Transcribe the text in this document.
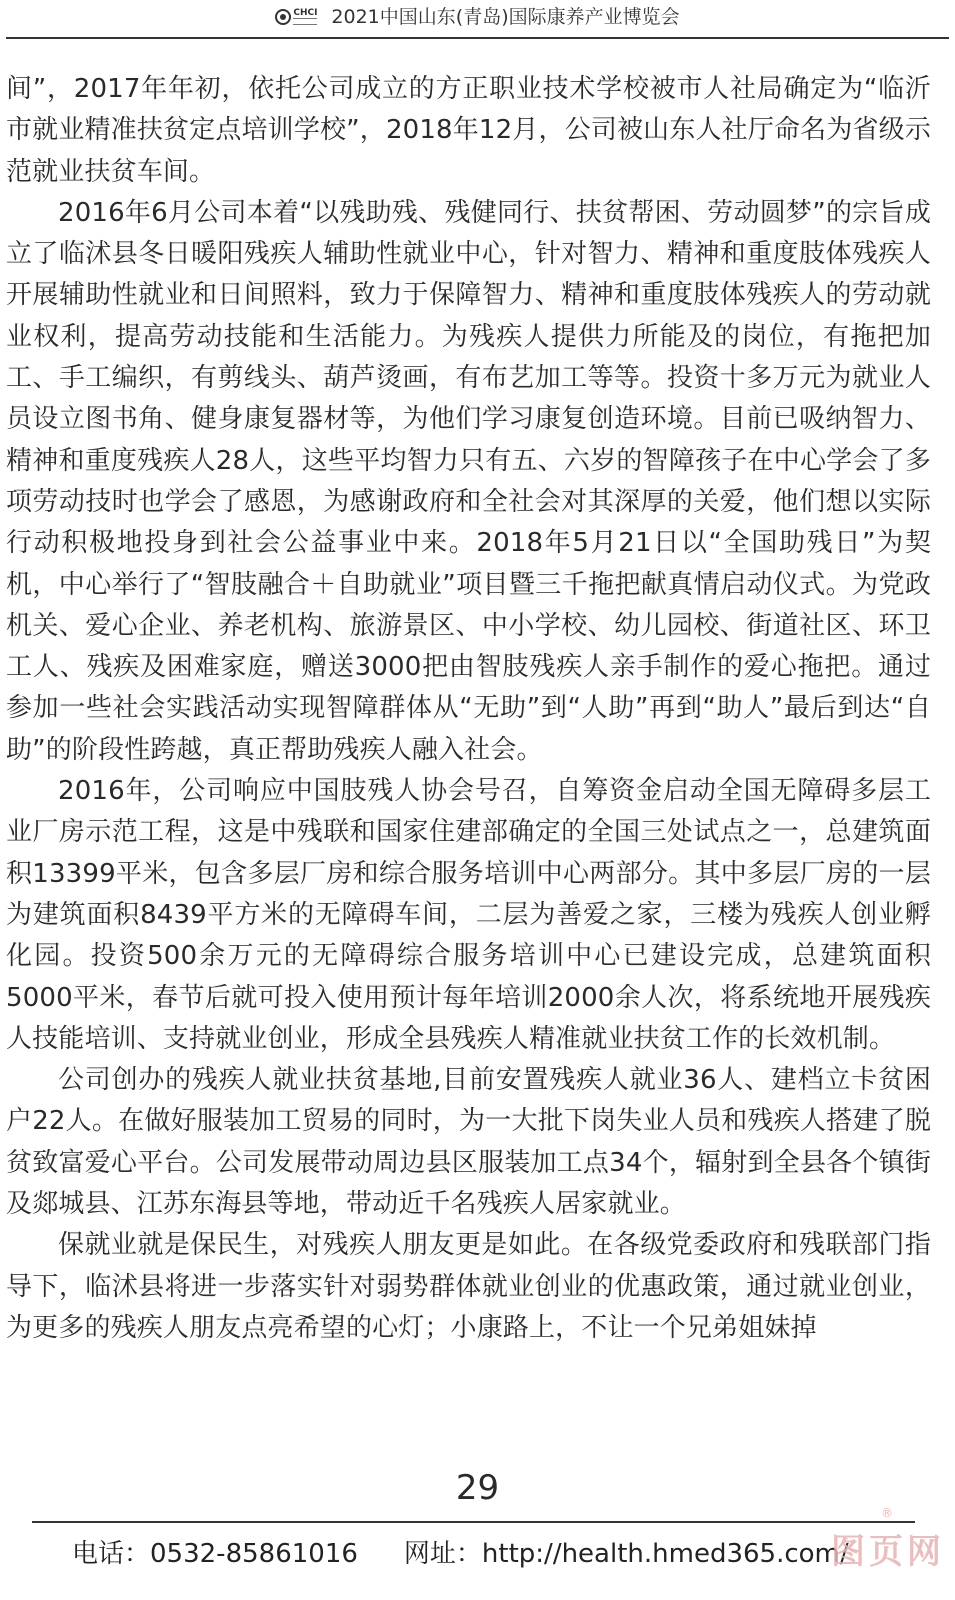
CHCI 2021中国山东(青岛)国际康养产业博览会

间”，2017年年初，依托公司成立的方正职业技术学校被市人社局确定为“临沂市就业精准扶贫定点培训学校”，2018年12月，公司被山东人社厅命名为省级示范就业扶贫车间。

2016年6月公司本着“以残助残、残健同行、扶贫帮困、劳动圆梦”的宗旨成立了临沭县冬日暖阳残疾人辅助性就业中心，针对智力、精神和重度肢体残疾人开展辅助性就业和日间照料，致力于保障智力、精神和重度肢体残疾人的劳动就业权利，提高劳动技能和生活能力。为残疾人提供力所能及的岗位，有拖把加工、手工编织，有剪线头、葫芦烫画，有布艺加工等等。投资十多万元为就业人员设立图书角、健身康复器材等，为他们学习康复创造环境。目前已吸纳智力、精神和重度残疾人28人，这些平均智力只有五、六岁的智障孩子在中心学会了多项劳动技时也学会了感恩，为感谢政府和全社会对其深厚的关爱，他们想以实际行动积极地投身到社会公益事业中来。2018年5月21日以“全国助残日”为契机，中心举行了“智肢融合＋自助就业”项目暨三千拖把献真情启动仪式。为党政机关、爱心企业、养老机构、旅游景区、中小学校、幼儿园校、街道社区、环卫工人、残疾及困难家庭，赠送3000把由智肢残疾人亲手制作的爱心拖把。通过参加一些社会实践活动实现智障群体从“无助”到“人助”再到“助人”最后到达“自助”的阶段性跨越，真正帮助残疾人融入社会。

2016年，公司响应中国肢残人协会号召，自筹资金启动全国无障碍多层工业厂房示范工程，这是中残联和国家住建部确定的全国三处试点之一，总建筑面积13399平米，包含多层厂房和综合服务培训中心两部分。其中多层厂房的一层为建筑面积8439平方米的无障碍车间，二层为善爱之家，三楼为残疾人创业孵化园。投资500余万元的无障碍综合服务培训中心已建设完成，总建筑面积5000平米，春节后就可投入使用预计每年培训2000余人次，将系统地开展残疾人技能培训、支持就业创业，形成全县残疾人精准就业扶贫工作的长效机制。

公司创办的残疾人就业扶贫基地,目前安置残疾人就业36人、建档立卡贫困户22人。在做好服装加工贸易的同时，为一大批下岗失业人员和残疾人搭建了脱贫致富爱心平台。公司发展带动周边县区服装加工点34个，辐射到全县各个镇街及郯城县、江苏东海县等地，带动近千名残疾人居家就业。

保就业就是保民生，对残疾人朋友更是如此。在各级党委政府和残联部门指导下，临沭县将进一步落实针对弱势群体就业创业的优惠政策，通过就业创业，为更多的残疾人朋友点亮希望的心灯；小康路上，不让一个兄弟姐妹掉

29
电话：0532-85861016 网址：http://health.hmed365.com/
®
图页网
